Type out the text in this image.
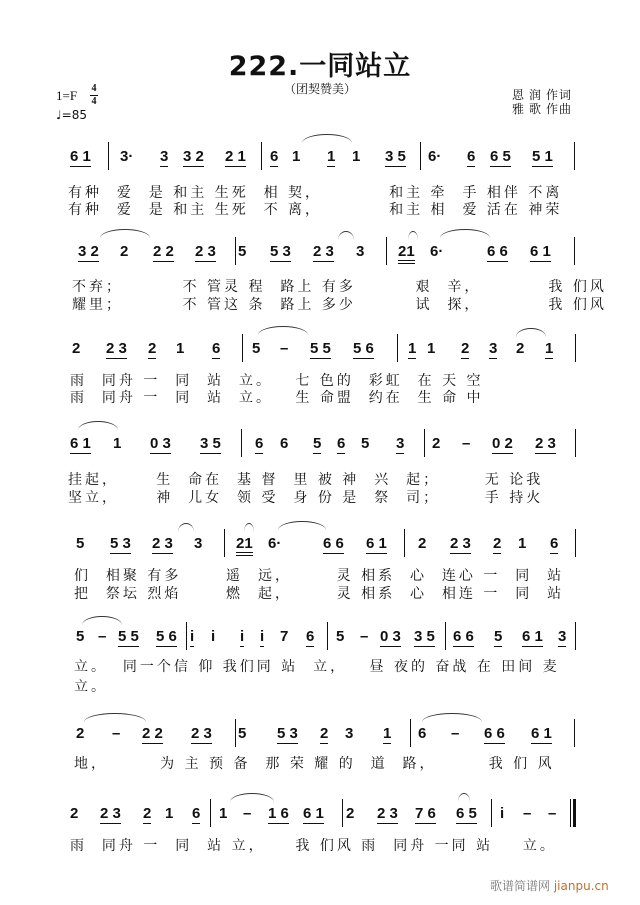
222.一同站立
（团契赞美）
1=F 4
4
♩=85
恩 润 作词
雅 歌 作曲
6 1 3· 3 3 2 2 1 6 1 1 1 3 5 6· 6 6 5 5 1
有种  爱  是 和主 生死  相 契，         和主 牵  手 相伴 不离
有种  爱  是 和主 生死  不 离，         和主 相  爱 活在 神荣
3 2 2 2 2 2 3 5 5 3 2 3 3 21 6·	6 6 6 1
不弃；        不 管灵 程  路上 有多        艰  辛，         我 们风
耀里；        不 管这 条  路上 多少        试  探，         我 们风
2 2 3 2 1 6 5 – 5 5 5 6 1 1 2 3 2 1
雨  同舟 一  同  站  立。   七 色的  彩虹  在 天 空
雨  同舟 一  同  站  立。   生 命盟  约在  生 命 中
6 1 1 0 3 3 5 6 6 5 6 5 3 2 – 0 2 2 3
挂起，     生  命在  基 督  里 被 神  兴  起；      无 论我
坚立，     神  儿女  领 受  身 份 是  祭  司；      手 持火
5 5 3 2 3 3 21 6·	6 6 6 1 2 2 3 2 1 6
们  相聚 有多      遥  远，      灵 相系  心  连心 一  同  站
把  祭坛 烈焰      燃  起，      灵 相系  心  相连 一  同  站
5 – 5 5 5 6 i i i i 7 6 5 – 0 3 3 5 6 6 5 6 1 3
立。  同一个信 仰 我们同 站  立，   昼 夜的 奋战 在 田间 麦
立。
2 – 2 2 2 3 5 5 3 2 3 1 6 – 6 6 6 1
地，       为 主 预 备  那 荣 耀 的  道  路，       我 们 风
2 2 3 2 1 6 1 – 1 6 6 1 2 2 3 7 6 6 5 i – –
雨  同舟 一  同  站 立，    我 们风 雨  同舟 一同 站    立。
歌谱简谱网 jianpu.cn
